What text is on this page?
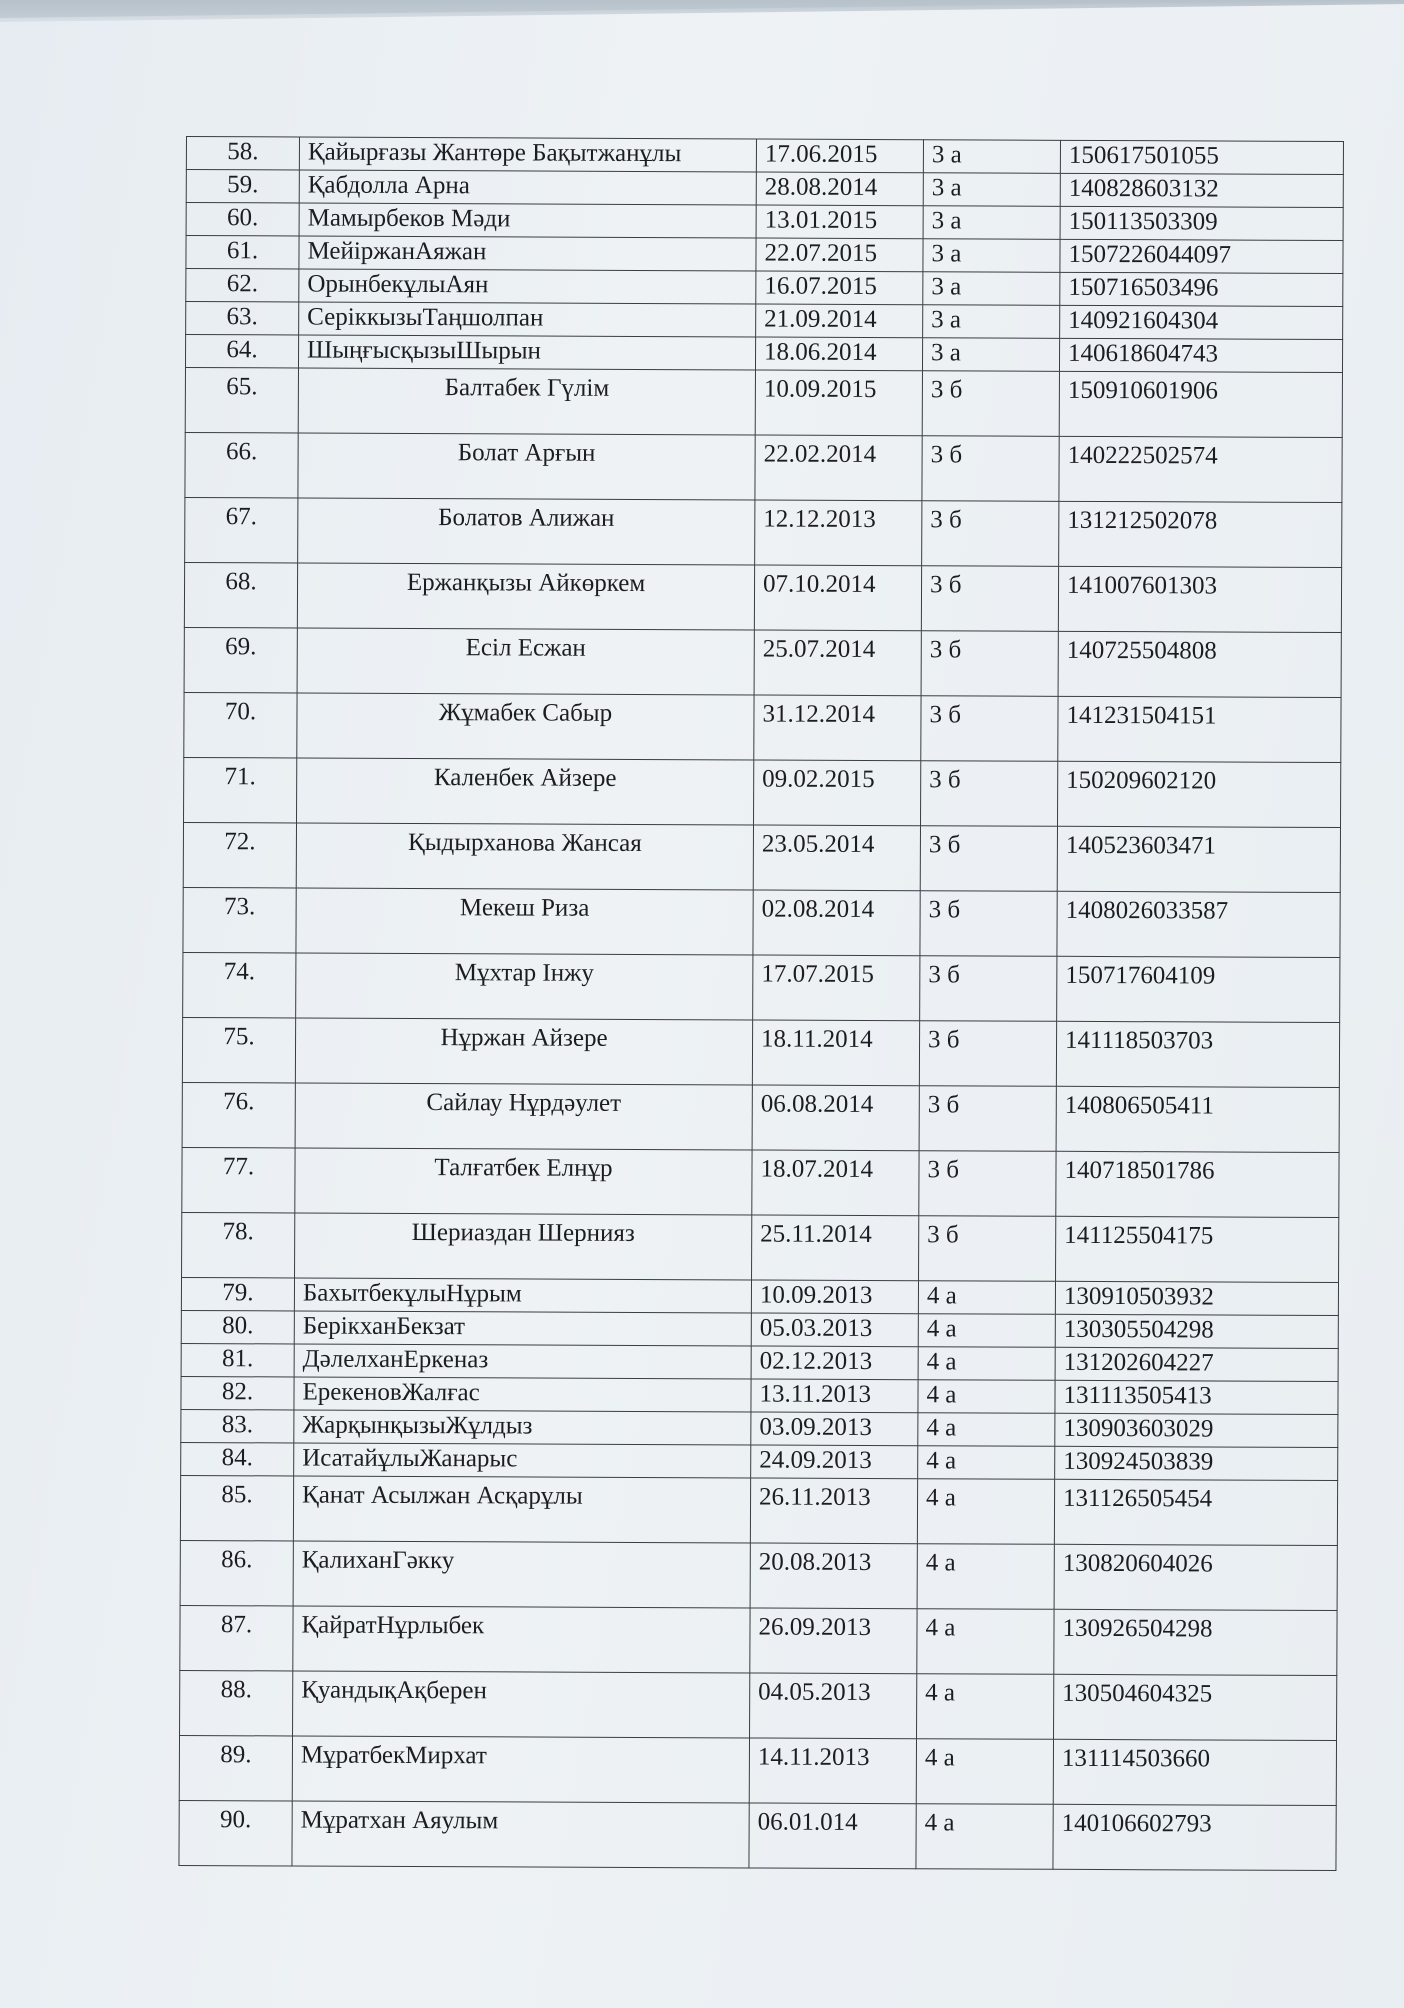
58.	Қайырғазы Жантөре Бақытжанұлы	17.06.2015	3 а	150617501055
59.	Қабдолла Арна	28.08.2014	3 а	140828603132
60.	Мамырбеков Мәди	13.01.2015	3 а	150113503309
61.	МейіржанАяжан	22.07.2015	3 а	1507226044097
62.	ОрынбекұлыАян	16.07.2015	3 а	150716503496
63.	СеріккызыТаңшолпан	21.09.2014	3 а	140921604304
64.	ШыңғысқызыШырын	18.06.2014	3 а	140618604743
65.	Балтабек Гүлім	10.09.2015	3 б	150910601906
66.	Болат Арғын	22.02.2014	3 б	140222502574
67.	Болатов Алижан	12.12.2013	3 б	131212502078
68.	Ержанқызы Айкөркем	07.10.2014	3 б	141007601303
69.	Есіл Есжан	25.07.2014	3 б	140725504808
70.	Жұмабек Сабыр	31.12.2014	3 б	141231504151
71.	Каленбек Айзере	09.02.2015	3 б	150209602120
72.	Қыдырханова Жансая	23.05.2014	3 б	140523603471
73.	Мекеш Риза	02.08.2014	3 б	1408026033587
74.	Мұхтар Інжу	17.07.2015	3 б	150717604109
75.	Нұржан Айзере	18.11.2014	3 б	141118503703
76.	Сайлау Нұрдәулет	06.08.2014	3 б	140806505411
77.	Талғатбек Елнұр	18.07.2014	3 б	140718501786
78.	Шериаздан Шернияз	25.11.2014	3 б	141125504175
79.	БахытбекұлыНұрым	10.09.2013	4 а	130910503932
80.	БерікханБекзат	05.03.2013	4 а	130305504298
81.	ДәлелханЕркеназ	02.12.2013	4 а	131202604227
82.	ЕрекеновЖалғас	13.11.2013	4 а	131113505413
83.	ЖарқынқызыЖұлдыз	03.09.2013	4 а	130903603029
84.	ИсатайұлыЖанарыс	24.09.2013	4 а	130924503839
85.	Қанат Асылжан Асқарұлы	26.11.2013	4 а	131126505454
86.	ҚалиханГәкку	20.08.2013	4 а	130820604026
87.	ҚайратНұрлыбек	26.09.2013	4 а	130926504298
88.	ҚуандықАқберен	04.05.2013	4 а	130504604325
89.	МұратбекМирхат	14.11.2013	4 а	131114503660
90.	Мұратхан Аяулым	06.01.014	4 а	140106602793
